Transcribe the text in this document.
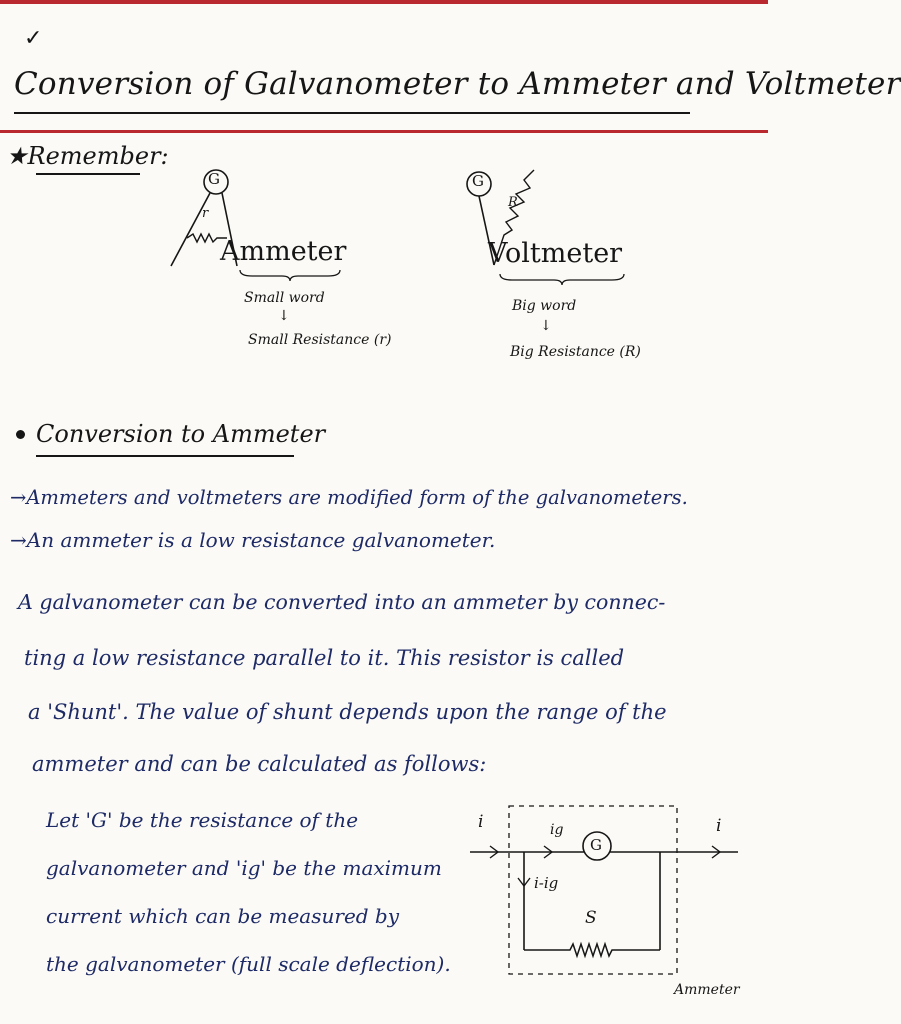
✓
Conversion of Galvanometer to Ammeter and Voltmeter
★Remember:
G
r
Ammeter
Small word
↓
Small Resistance (r)
G
R
Voltmeter
Big word
↓
Big Resistance (R)
Conversion to Ammeter
→Ammeters and voltmeters are modified form of the galvanometers.
→An ammeter is a low resistance galvanometer.
A galvanometer can be converted into an ammeter by connec-
ting a low resistance parallel to it. This resistor is called
a 'Shunt'. The value of shunt depends upon the range of the
ammeter and can be calculated as follows:
Let 'G' be the resistance of the
galvanometer and 'ig' be the maximum
current which can be measured by
the galvanometer (full scale deflection).
i	i
ig
G
i-ig
S
Ammeter
